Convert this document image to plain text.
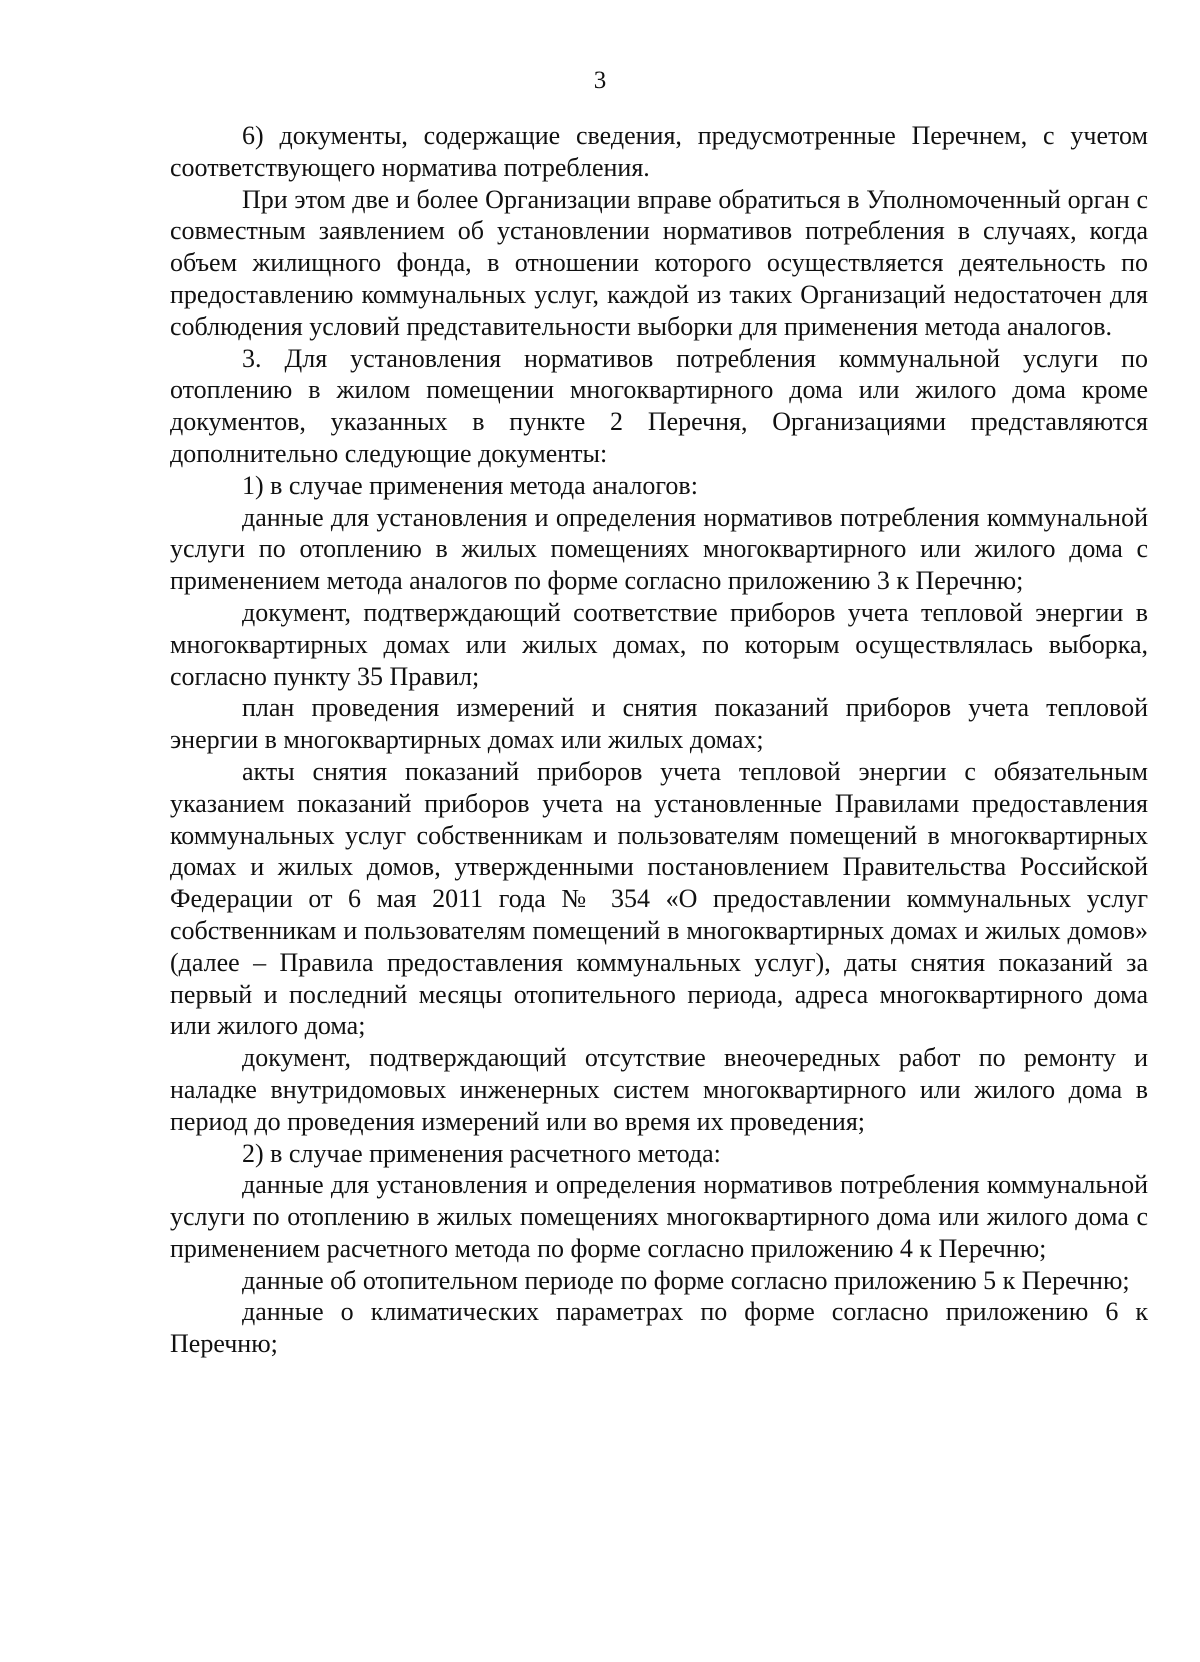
3

6) документы, содержащие сведения, предусмотренные Перечнем, с учетом соответствующего норматива потребления.

При этом две и более Организации вправе обратиться в Уполномоченный орган с совместным заявлением об установлении нормативов потребления в случаях, когда объем жилищного фонда, в отношении которого осуществляется деятельность по предоставлению коммунальных услуг, каждой из таких Организаций недостаточен для соблюдения условий представительности выборки для применения метода аналогов.

3. Для установления нормативов потребления коммунальной услуги по отоплению в жилом помещении многоквартирного дома или жилого дома кроме документов, указанных в пункте 2 Перечня, Организациями представляются дополнительно следующие документы:

1) в случае применения метода аналогов:

данные для установления и определения нормативов потребления коммунальной услуги по отоплению в жилых помещениях многоквартирного или жилого дома с применением метода аналогов по форме согласно приложению 3 к Перечню;

документ, подтверждающий соответствие приборов учета тепловой энергии в многоквартирных домах или жилых домах, по которым осуществлялась выборка, согласно пункту 35 Правил;

план проведения измерений и снятия показаний приборов учета тепловой энергии в многоквартирных домах или жилых домах;

акты снятия показаний приборов учета тепловой энергии с обязательным указанием показаний приборов учета на установленные Правилами предоставления коммунальных услуг собственникам и пользователям помещений в многоквартирных домах и жилых домов, утвержденными постановлением Правительства Российской Федерации от 6 мая 2011 года № 354 «О предоставлении коммунальных услуг собственникам и пользователям помещений в многоквартирных домах и жилых домов» (далее – Правила предоставления коммунальных услуг), даты снятия показаний за первый и последний месяцы отопительного периода, адреса многоквартирного дома или жилого дома;

документ, подтверждающий отсутствие внеочередных работ по ремонту и наладке внутридомовых инженерных систем многоквартирного или жилого дома в период до проведения измерений или во время их проведения;

2) в случае применения расчетного метода:

данные для установления и определения нормативов потребления коммунальной услуги по отоплению в жилых помещениях многоквартирного дома или жилого дома с применением расчетного метода по форме согласно приложению 4 к Перечню;

данные об отопительном периоде по форме согласно приложению 5 к Перечню;

данные о климатических параметрах по форме согласно приложению 6 к Перечню;
